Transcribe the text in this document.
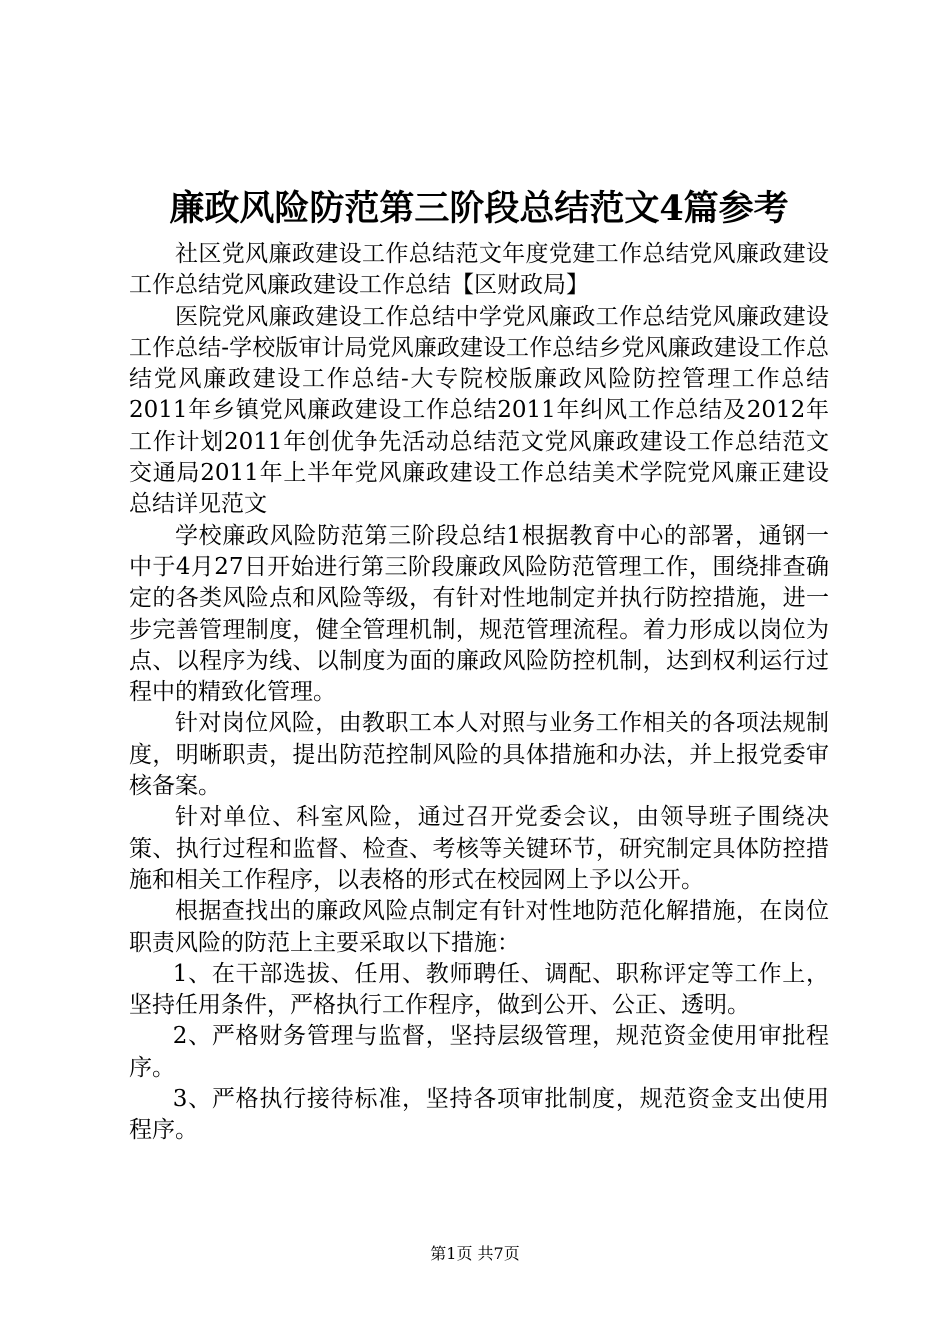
廉政风险防范第三阶段总结范文4篇参考

社区党风廉政建设工作总结范文年度党建工作总结党风廉政建设工作总结党风廉政建设工作总结【区财政局】

医院党风廉政建设工作总结中学党风廉政工作总结党风廉政建设工作总结-学校版审计局党风廉政建设工作总结乡党风廉政建设工作总结党风廉政建设工作总结-大专院校版廉政风险防控管理工作总结2011年乡镇党风廉政建设工作总结2011年纠风工作总结及2012年工作计划2011年创优争先活动总结范文党风廉政建设工作总结范文交通局2011年上半年党风廉政建设工作总结美术学院党风廉正建设总结详见范文

学校廉政风险防范第三阶段总结1根据教育中心的部署，通钢一中于4月27日开始进行第三阶段廉政风险防范管理工作，围绕排查确定的各类风险点和风险等级，有针对性地制定并执行防控措施，进一步完善管理制度，健全管理机制，规范管理流程。着力形成以岗位为点、以程序为线、以制度为面的廉政风险防控机制，达到权利运行过程中的精致化管理。

针对岗位风险，由教职工本人对照与业务工作相关的各项法规制度，明晰职责，提出防范控制风险的具体措施和办法，并上报党委审核备案。

针对单位、科室风险，通过召开党委会议，由领导班子围绕决策、执行过程和监督、检查、考核等关键环节，研究制定具体防控措施和相关工作程序，以表格的形式在校园网上予以公开。

根据查找出的廉政风险点制定有针对性地防范化解措施，在岗位职责风险的防范上主要采取以下措施：

1、在干部选拔、任用、教师聘任、调配、职称评定等工作上，坚持任用条件，严格执行工作程序，做到公开、公正、透明。

2、严格财务管理与监督，坚持层级管理，规范资金使用审批程序。

3、严格执行接待标准，坚持各项审批制度，规范资金支出使用程序。

第1页 共7页
